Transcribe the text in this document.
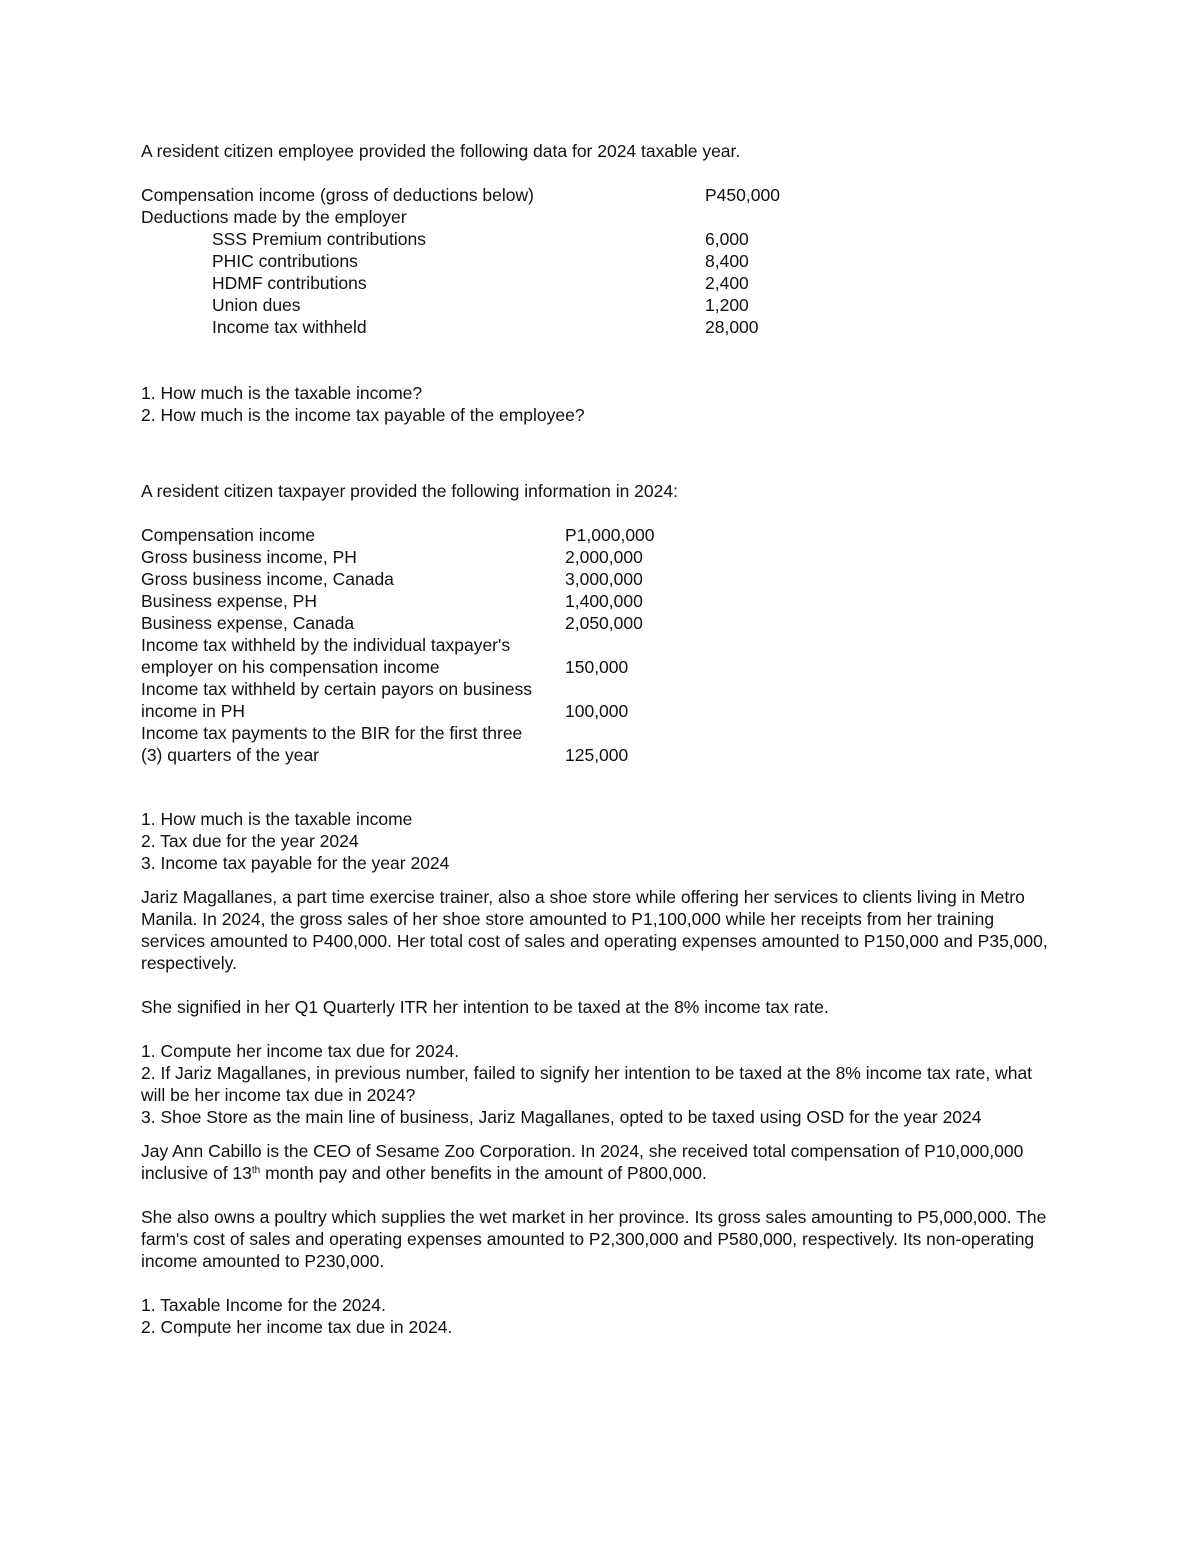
A resident citizen employee provided the following data for 2024 taxable year.
Compensation income (gross of deductions below)	P450,000
Deductions made by the employer
SSS Premium contributions	6,000
PHIC contributions	8,400
HDMF contributions	2,400
Union dues	1,200
Income tax withheld	28,000
1. How much is the taxable income?
2. How much is the income tax payable of the employee?
A resident citizen taxpayer provided the following information in 2024:
Compensation income	P1,000,000
Gross business income, PH	2,000,000
Gross business income, Canada	3,000,000
Business expense, PH	1,400,000
Business expense, Canada	2,050,000
Income tax withheld by the individual taxpayer's
employer on his compensation income	150,000
Income tax withheld by certain payors on business
income in PH	100,000
Income tax payments to the BIR for the first three
(3) quarters of the year	125,000
1. How much is the taxable income
2. Tax due for the year 2024
3. Income tax payable for the year 2024
Jariz Magallanes, a part time exercise trainer, also a shoe store while offering her services to clients living in Metro
Manila. In 2024, the gross sales of her shoe store amounted to P1,100,000 while her receipts from her training
services amounted to P400,000. Her total cost of sales and operating expenses amounted to P150,000 and P35,000,
respectively.
She signified in her Q1 Quarterly ITR her intention to be taxed at the 8% income tax rate.
1. Compute her income tax due for 2024.
2. If Jariz Magallanes, in previous number, failed to signify her intention to be taxed at the 8% income tax rate, what
will be her income tax due in 2024?
3. Shoe Store as the main line of business, Jariz Magallanes, opted to be taxed using OSD for the year 2024
Jay Ann Cabillo is the CEO of Sesame Zoo Corporation. In 2024, she received total compensation of P10,000,000
inclusive of 13th month pay and other benefits in the amount of P800,000.
She also owns a poultry which supplies the wet market in her province. Its gross sales amounting to P5,000,000. The
farm's cost of sales and operating expenses amounted to P2,300,000 and P580,000, respectively. Its non-operating
income amounted to P230,000.
1. Taxable Income for the 2024.
2. Compute her income tax due in 2024.
